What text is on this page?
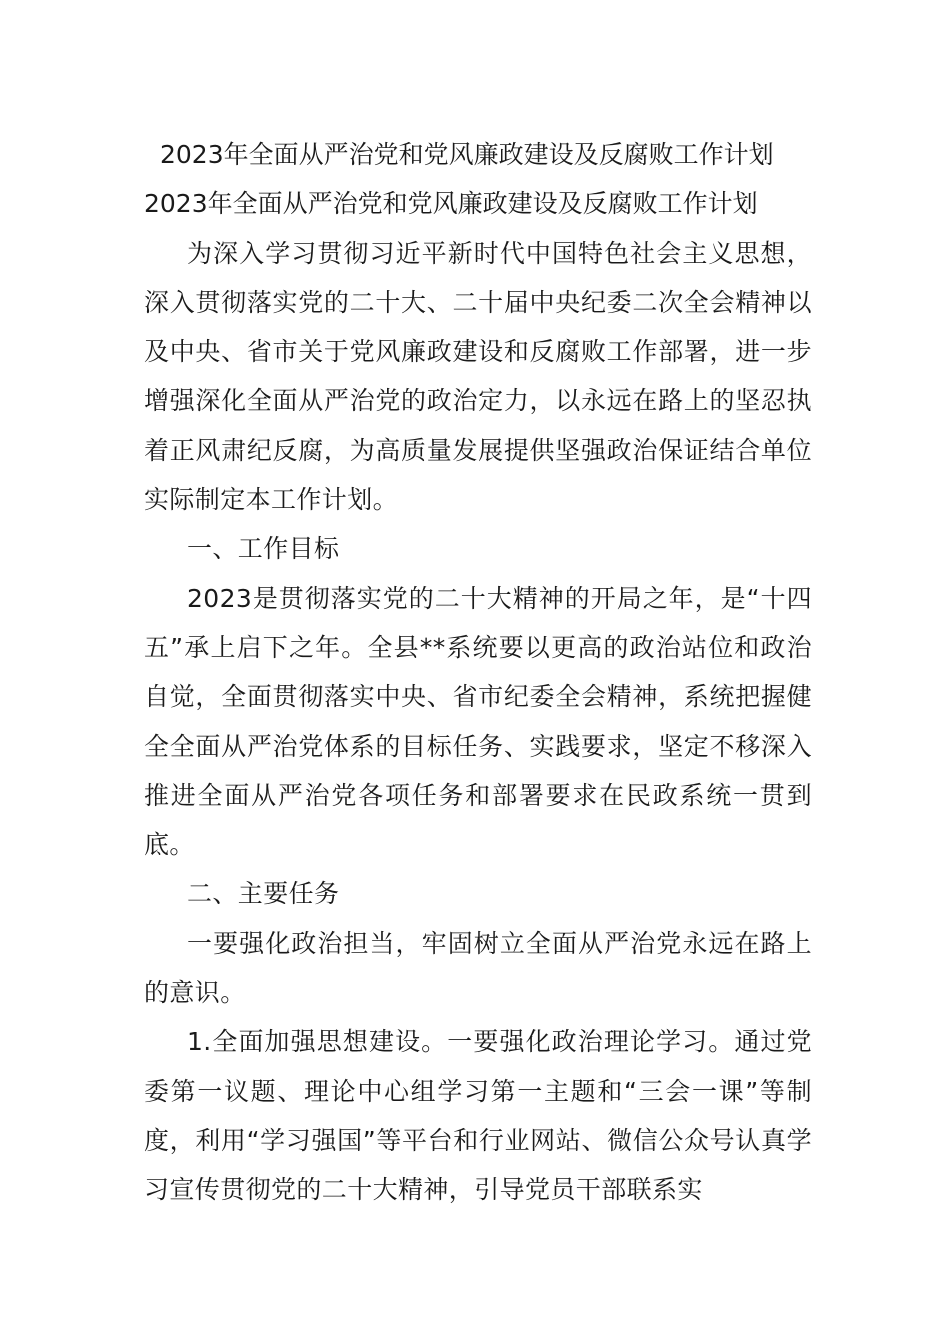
2023年全面从严治党和党风廉政建设及反腐败工作计划

2023年全面从严治党和党风廉政建设及反腐败工作计划

为深入学习贯彻习近平新时代中国特色社会主义思想，深入贯彻落实党的二十大、二十届中央纪委二次全会精神以及中央、省市关于党风廉政建设和反腐败工作部署，进一步增强深化全面从严治党的政治定力，以永远在路上的坚忍执着正风肃纪反腐，为高质量发展提供坚强政治保证结合单位实际制定本工作计划。

一、工作目标

2023是贯彻落实党的二十大精神的开局之年，是“十四五”承上启下之年。全县**系统要以更高的政治站位和政治自觉，全面贯彻落实中央、省市纪委全会精神，系统把握健全全面从严治党体系的目标任务、实践要求，坚定不移深入推进全面从严治党各项任务和部署要求在民政系统一贯到底。

二、主要任务

一要强化政治担当，牢固树立全面从严治党永远在路上的意识。

1.全面加强思想建设。一要强化政治理论学习。通过党委第一议题、理论中心组学习第一主题和“三会一课”等制度，利用“学习强国”等平台和行业网站、微信公众号认真学习宣传贯彻党的二十大精神，引导党员干部联系实
